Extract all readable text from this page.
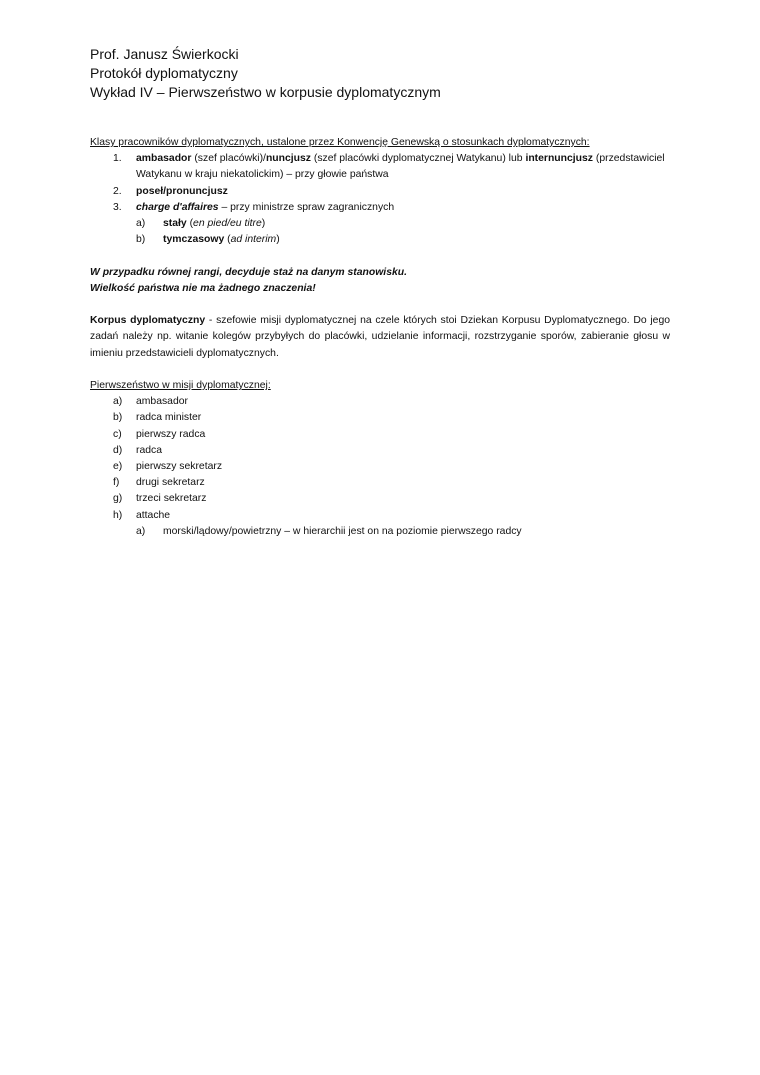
Prof. Janusz Świerkocki
Protokół dyplomatyczny
Wykład IV – Pierwszeństwo w korpusie dyplomatycznym
Klasy pracowników dyplomatycznych, ustalone przez Konwencję Genewską o stosunkach dyplomatycznych:
1.	ambasador (szef placówki)/nuncjusz (szef placówki dyplomatycznej Watykanu) lub internuncjusz (przedstawiciel
Watykanu w kraju niekatolickim) – przy głowie państwa
2. poseł/pronuncjusz
3. charge d'affaires – przy ministrze spraw zagranicznych
a) stały (en pied/eu titre)
b) tymczasowy (ad interim)
W przypadku równej rangi, decyduje staż na danym stanowisku.
Wielkość państwa nie ma żadnego znaczenia!
Korpus dyplomatyczny - szefowie misji dyplomatycznej na czele których stoi Dziekan Korpusu Dyplomatycznego. Do jego zadań należy np. witanie kolegów przybyłych do placówki, udzielanie informacji, rozstrzyganie sporów, zabieranie głosu w imieniu przedstawicieli dyplomatycznych.
Pierwszeństwo w misji dyplomatycznej:
a) ambasador
b) radca minister
c) pierwszy radca
d) radca
e) pierwszy sekretarz
f) drugi sekretarz
g) trzeci sekretarz
h) attache
a) morski/lądowy/powietrzny – w hierarchii jest on na poziomie pierwszego radcy
